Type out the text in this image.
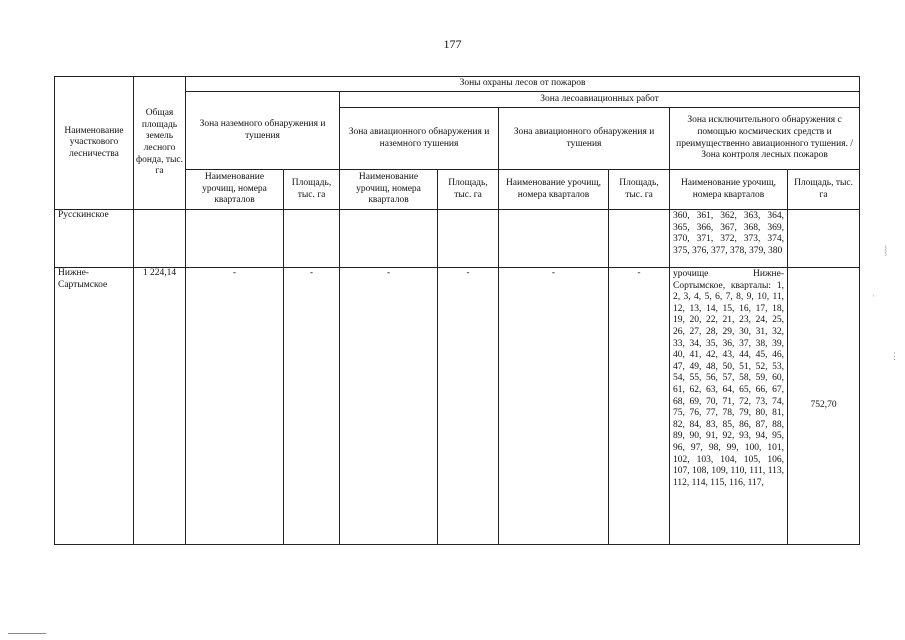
177
Наименование участкового лесничества	Общая площадь земель лесного фонда, тыс. га	Зоны охраны лесов от пожаров							
		Зона наземного обнаружения и тушения		Зона лесоавиационных работ					
				Зона авиационного обнаружения и наземного тушения		Зона авиационного обнаружения и тушения		Зона исключительного обнаружения с помощью космических средств и преимущественно авиационного тушения. / Зона контроля лесных пожаров	
		Наименование урочищ, номера кварталов	Площадь, тыс. га	Наименование урочищ, номера кварталов	Площадь, тыс. га	Наименование урочищ, номера кварталов	Площадь, тыс. га	Наименование урочищ, номера кварталов	Площадь, тыс. га
Русскинское								360, 361, 362, 363, 364, 365, 366, 367, 368, 369, 370, 371, 372, 373, 374, 375, 376, 377, 378, 379, 380	
Нижне-Сартымское	1 224,14	-	-	-	-	-	-	урочище Нижне-Сортымское, кварталы: 1, 2, 3, 4, 5, 6, 7, 8, 9, 10, 11, 12, 13, 14, 15, 16, 17, 18, 19, 20, 22, 21, 23, 24, 25, 26, 27, 28, 29, 30, 31, 32, 33, 34, 35, 36, 37, 38, 39, 40, 41, 42, 43, 44, 45, 46, 47, 49, 48, 50, 51, 52, 53, 54, 55, 56, 57, 58, 59, 60, 61, 62, 63, 64, 65, 66, 67, 68, 69, 70, 71, 72, 73, 74, 75, 76, 77, 78, 79, 80, 81, 82, 84, 83, 85, 86, 87, 88, 89, 90, 91, 92, 93, 94, 95, 96, 97, 98, 99, 100, 101, 102, 103, 104, 105, 106, 107, 108, 109, 110, 111, 113, 112, 114, 115, 116, 117,	752,70
⸾
·
⋮
